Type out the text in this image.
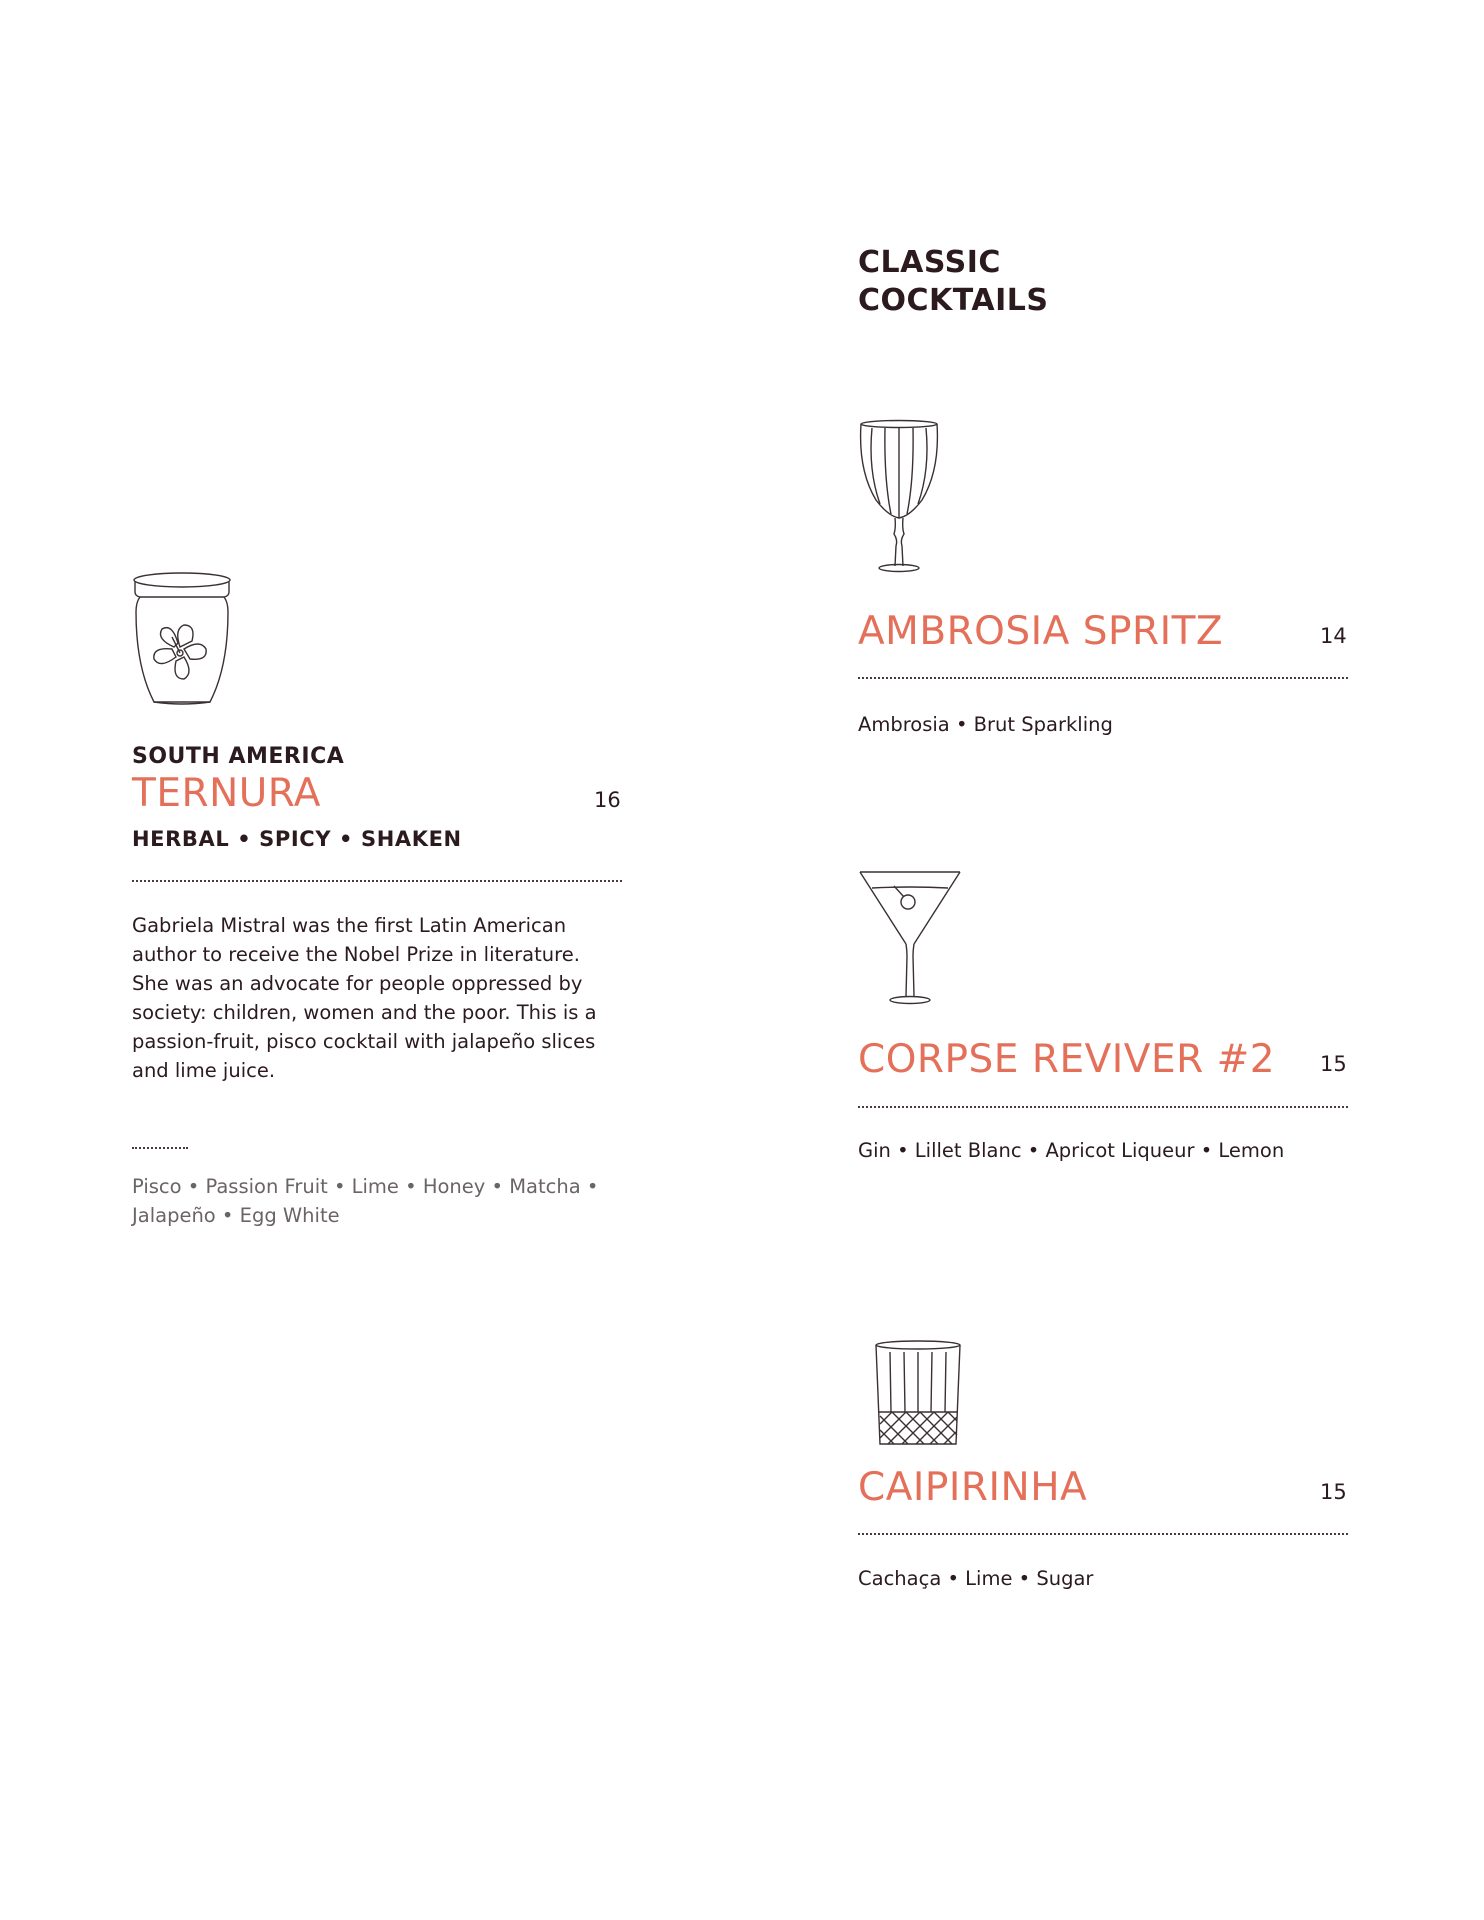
SOUTH AMERICA
TERNURA	16
HERBAL • SPICY • SHAKEN
Gabriela Mistral was the first Latin American author to receive the Nobel Prize in literature. She was an advocate for people oppressed by society: children, women and the poor. This is a passion-fruit, pisco cocktail with jalapeño slices and lime juice.
Pisco • Passion Fruit • Lime • Honey • Matcha • Jalapeño • Egg White
CLASSIC
COCKTAILS
AMBROSIA SPRITZ	14
Ambrosia • Brut Sparkling
CORPSE REVIVER #2 15
Gin • Lillet Blanc • Apricot Liqueur • Lemon
CAIPIRINHA	15
Cachaça • Lime • Sugar
